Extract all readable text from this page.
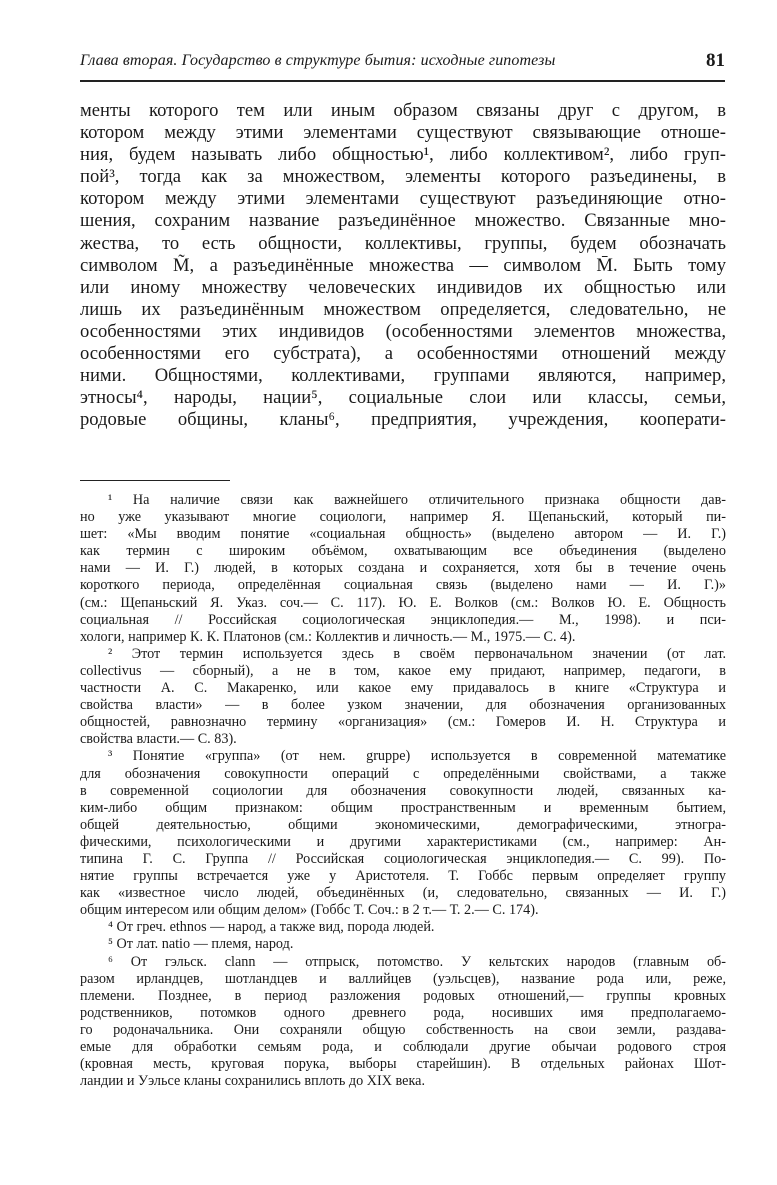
Глава вторая. Государство в структуре бытия: исходные гипотезы	81
менты которого тем или иным образом связаны друг с другом, в
котором между этими элементами существуют связывающие отноше-
ния, будем называть либо общностью¹, либо коллективом², либо груп-
пой³, тогда как за множеством, элементы которого разъединены, в
котором между этими элементами существуют разъединяющие отно-
шения, сохраним название разъединённое множество. Связанные мно-
жества, то есть общности, коллективы, группы, будем обозначать
символом M̃, а разъединённые множества — символом M̄. Быть тому
или иному множеству человеческих индивидов их общностью или
лишь их разъединённым множеством определяется, следовательно, не
особенностями этих индивидов (особенностями элементов множества,
особенностями его субстрата), а особенностями отношений между
ними. Общностями, коллективами, группами являются, например,
этносы⁴, народы, нации⁵, социальные слои или классы, семьи,
родовые общины, кланы⁶, предприятия, учреждения, кооперати-
¹ На наличие связи как важнейшего отличительного признака общности дав-
но уже указывают многие социологи, например Я. Щепаньский, который пи-
шет: «Мы вводим понятие «социальная общность» (выделено автором — И. Г.)
как термин с широким объёмом, охватывающим все объединения (выделено
нами — И. Г.) людей, в которых создана и сохраняется, хотя бы в течение очень
короткого периода, определённая социальная связь (выделено нами — И. Г.)»
(см.: Щепаньский Я. Указ. соч.— С. 117). Ю. Е. Волков (см.: Волков Ю. Е. Общность
социальная // Российская социологическая энциклопедия.— М., 1998). и пси-
хологи, например К. К. Платонов (см.: Коллектив и личность.— М., 1975.— С. 4).
² Этот термин используется здесь в своём первоначальном значении (от лат.
collectivus — сборный), а не в том, какое ему придают, например, педагоги, в
частности А. С. Макаренко, или какое ему придавалось в книге «Структура и
свойства власти» — в более узком значении, для обозначения организованных
общностей, равнозначно термину «организация» (см.: Гомеров И. Н. Структура и
свойства власти.— С. 83).
³ Понятие «группа» (от нем. gruppe) используется в современной математике
для обозначения совокупности операций с определёнными свойствами, а также
в современной социологии для обозначения совокупности людей, связанных ка-
ким-либо общим признаком: общим пространственным и временным бытием,
общей деятельностью, общими экономическими, демографическими, этногра-
фическими, психологическими и другими характеристиками (см., например: Ан-
типина Г. С. Группа // Российская социологическая энциклопедия.— С. 99). По-
нятие группы встречается уже у Аристотеля. Т. Гоббс первым определяет группу
как «известное число людей, объединённых (и, следовательно, связанных — И. Г.)
общим интересом или общим делом» (Гоббс Т. Соч.: в 2 т.— Т. 2.— С. 174).
⁴ От греч. ethnos — народ, а также вид, порода людей.
⁵ От лат. natio — племя, народ.
⁶ От гэльск. clann — отпрыск, потомство. У кельтских народов (главным об-
разом ирландцев, шотландцев и валлийцев (уэльсцев), название рода или, реже,
племени. Позднее, в период разложения родовых отношений,— группы кровных
родственников, потомков одного древнего рода, носивших имя предполагаемо-
го родоначальника. Они сохраняли общую собственность на свои земли, раздава-
емые для обработки семьям рода, и соблюдали другие обычаи родового строя
(кровная месть, круговая порука, выборы старейшин). В отдельных районах Шот-
ландии и Уэльсе кланы сохранились вплоть до XIX века.
